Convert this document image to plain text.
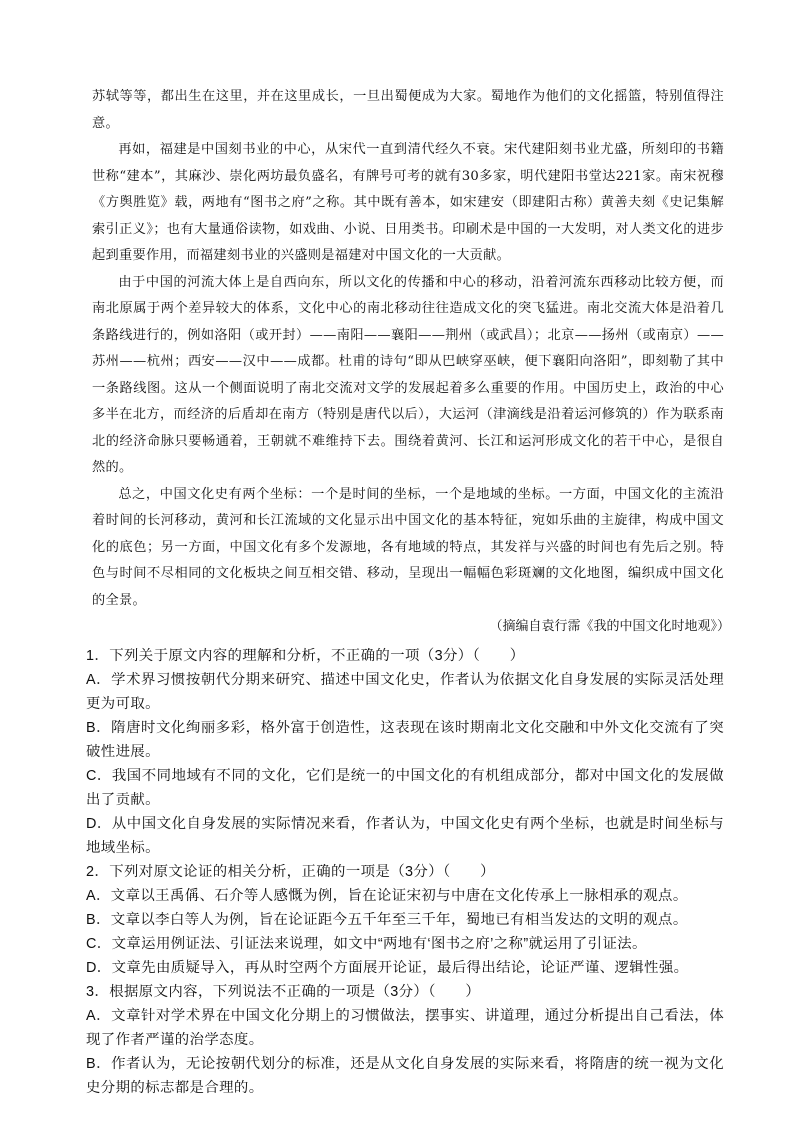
苏轼等等，都出生在这里，并在这里成长，一旦出蜀便成为大家。蜀地作为他们的文化摇篮，特别值得注意。

再如，福建是中国刻书业的中心，从宋代一直到清代经久不衰。宋代建阳刻书业尤盛，所刻印的书籍世称“建本”，其麻沙、崇化两坊最负盛名，有牌号可考的就有30多家，明代建阳书堂达221家。南宋祝穆《方舆胜览》载，两地有“图书之府”之称。其中既有善本，如宋建安（即建阳古称）黄善夫刻《史记集解索引正义》；也有大量通俗读物，如戏曲、小说、日用类书。印刷术是中国的一大发明，对人类文化的进步起到重要作用，而福建刻书业的兴盛则是福建对中国文化的一大贡献。

由于中国的河流大体上是自西向东，所以文化的传播和中心的移动，沿着河流东西移动比较方便，而南北原属于两个差异较大的体系，文化中心的南北移动往往造成文化的突飞猛进。南北交流大体是沿着几条路线进行的，例如洛阳（或开封）——南阳——襄阳——荆州（或武昌）；北京——扬州（或南京）——苏州——杭州；西安——汉中——成都。杜甫的诗句“即从巴峡穿巫峡，便下襄阳向洛阳”，即刻勒了其中一条路线图。这从一个侧面说明了南北交流对文学的发展起着多么重要的作用。中国历史上，政治的中心多半在北方，而经济的后盾却在南方（特别是唐代以后），大运河（津滴线是沿着运河修筑的）作为联系南北的经济命脉只要畅通着，王朝就不难维持下去。围绕着黄河、长江和运河形成文化的若干中心，是很自然的。

总之，中国文化史有两个坐标：一个是时间的坐标，一个是地域的坐标。一方面，中国文化的主流沿着时间的长河移动，黄河和长江流域的文化显示出中国文化的基本特征，宛如乐曲的主旋律，构成中国文化的底色；另一方面，中国文化有多个发源地，各有地域的特点，其发祥与兴盛的时间也有先后之别。特色与时间不尽相同的文化板块之间互相交错、移动，呈现出一幅幅色彩斑斓的文化地图，编织成中国文化的全景。

（摘编自袁行霈《我的中国文化时地观》）

1．下列关于原文内容的理解和分析，不正确的一项（3分）（　　）

A．学术界习惯按朝代分期来研究、描述中国文化史，作者认为依据文化自身发展的实际灵活处理更为可取。

B．隋唐时文化绚丽多彩，格外富于创造性，这表现在该时期南北文化交融和中外文化交流有了突破性进展。

C．我国不同地域有不同的文化，它们是统一的中国文化的有机组成部分，都对中国文化的发展做出了贡献。

D．从中国文化自身发展的实际情况来看，作者认为，中国文化史有两个坐标，也就是时间坐标与地域坐标。

2．下列对原文论证的相关分析，正确的一项是（3分）（　　）

A．文章以王禹偁、石介等人感慨为例，旨在论证宋初与中唐在文化传承上一脉相承的观点。

B．文章以李白等人为例，旨在论证距今五千年至三千年，蜀地已有相当发达的文明的观点。

C．文章运用例证法、引证法来说理，如文中“两地有‘图书之府’之称”就运用了引证法。

D．文章先由质疑导入，再从时空两个方面展开论证，最后得出结论，论证严谨、逻辑性强。

3．根据原文内容，下列说法不正确的一项是（3分）（　　）

A．文章针对学术界在中国文化分期上的习惯做法，摆事实、讲道理，通过分析提出自己看法，体现了作者严谨的治学态度。

B．作者认为，无论按朝代划分的标准，还是从文化自身发展的实际来看，将隋唐的统一视为文化史分期的标志都是合理的。
